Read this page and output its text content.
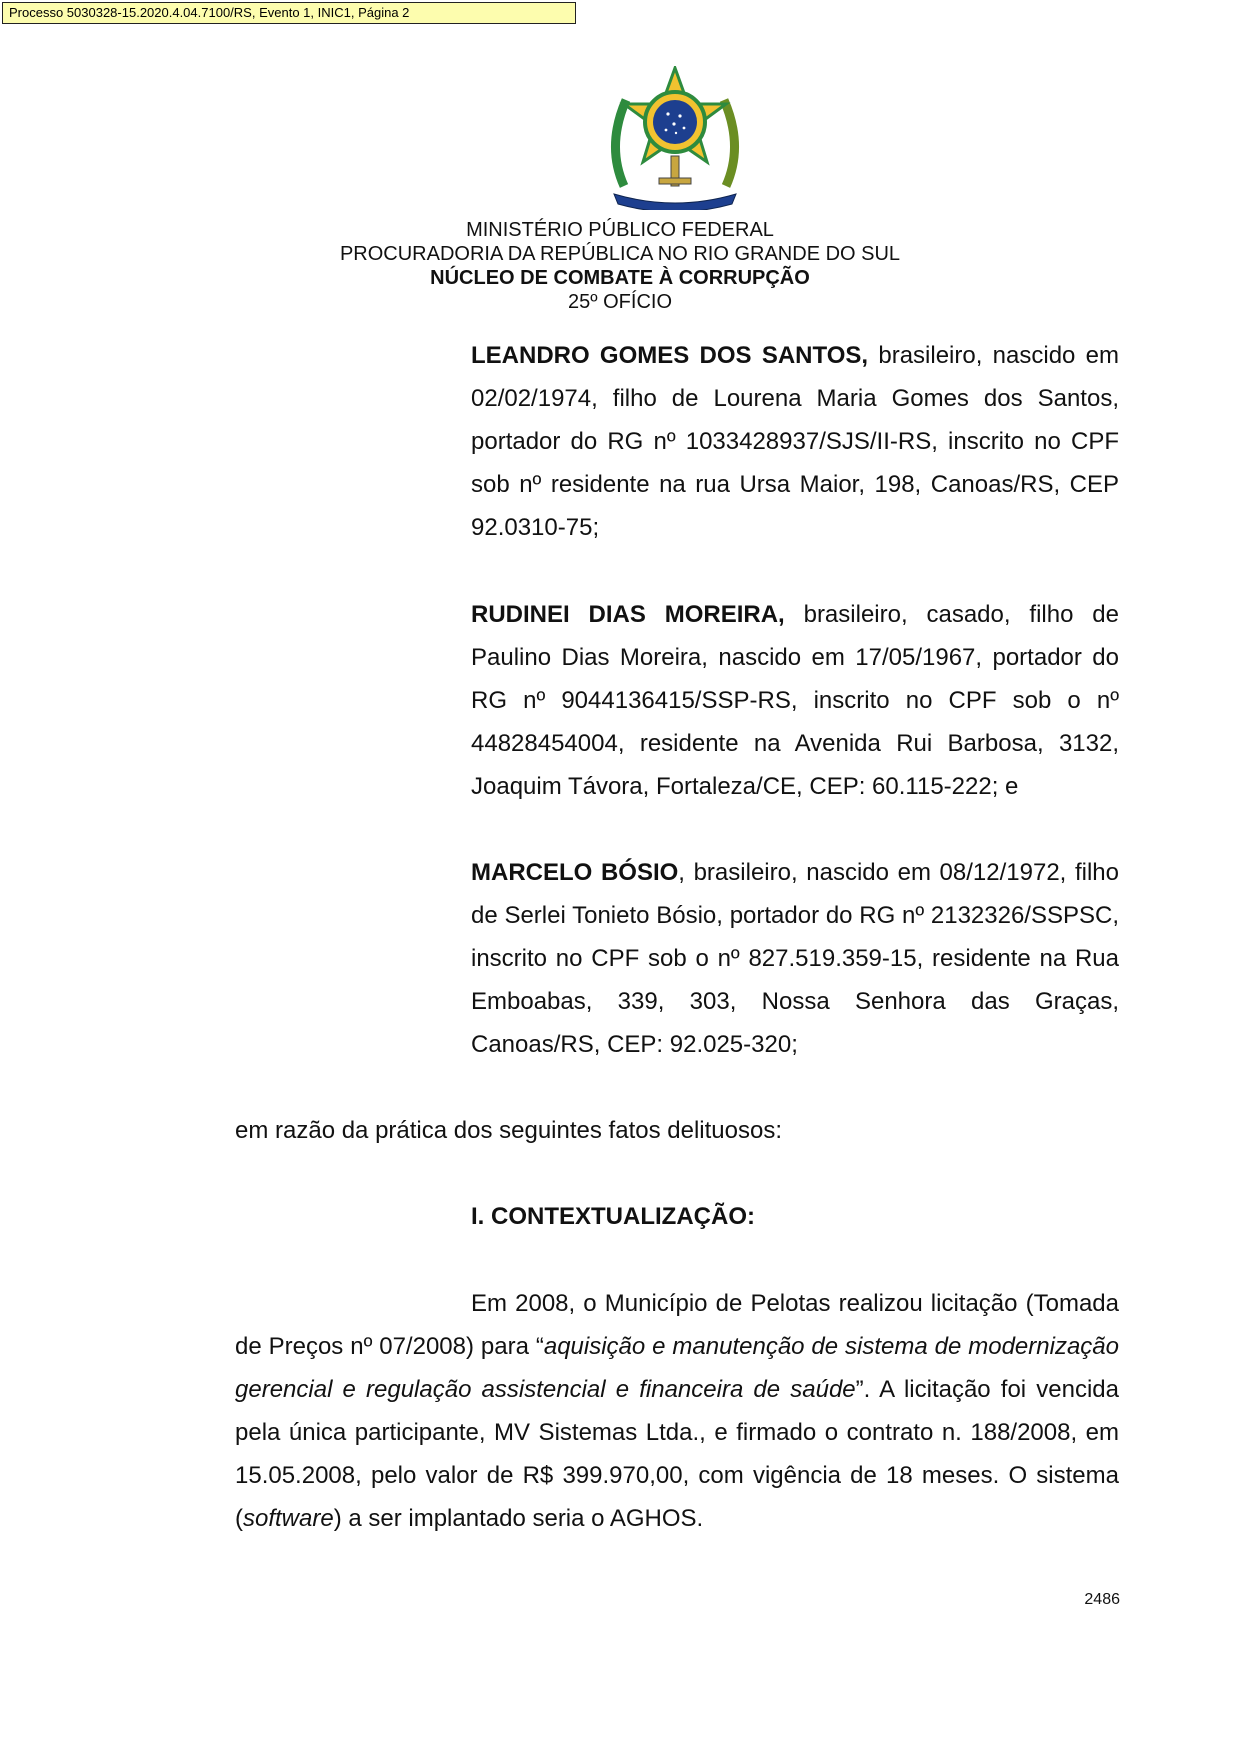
Processo 5030328-15.2020.4.04.7100/RS, Evento 1, INIC1, Página 2
MINISTÉRIO PÚBLICO FEDERAL
PROCURADORIA DA REPÚBLICA NO RIO GRANDE DO SUL
NÚCLEO DE COMBATE À CORRUPÇÃO
25º OFÍCIO

LEANDRO GOMES DOS SANTOS, brasileiro, nascido em 02/02/1974, filho de Lourena Maria Gomes dos Santos, portador do RG nº 1033428937/SJS/II-RS, inscrito no CPF sob nº residente na rua Ursa Maior, 198, Canoas/RS, CEP 92.0310-75;

RUDINEI DIAS MOREIRA, brasileiro, casado, filho de Paulino Dias Moreira, nascido em 17/05/1967, portador do RG nº 9044136415/SSP-RS, inscrito no CPF sob o nº 44828454004, residente na Avenida Rui Barbosa, 3132, Joaquim Távora, Fortaleza/CE, CEP: 60.115-222; e

MARCELO BÓSIO, brasileiro, nascido em 08/12/1972, filho de Serlei Tonieto Bósio, portador do RG nº 2132326/SSPSC, inscrito no CPF sob o nº 827.519.359-15, residente na Rua Emboabas, 339, 303, Nossa Senhora das Graças, Canoas/RS, CEP: 92.025-320;

em razão da prática dos seguintes fatos delituosos:

I. CONTEXTUALIZAÇÃO:

Em 2008, o Município de Pelotas realizou licitação (Tomada de Preços nº 07/2008) para “aquisição e manutenção de sistema de modernização gerencial e regulação assistencial e financeira de saúde”. A licitação foi vencida pela única participante, MV Sistemas Ltda., e firmado o contrato n. 188/2008, em 15.05.2008, pelo valor de R$ 399.970,00, com vigência de 18 meses. O sistema (software) a ser implantado seria o AGHOS.

2486
